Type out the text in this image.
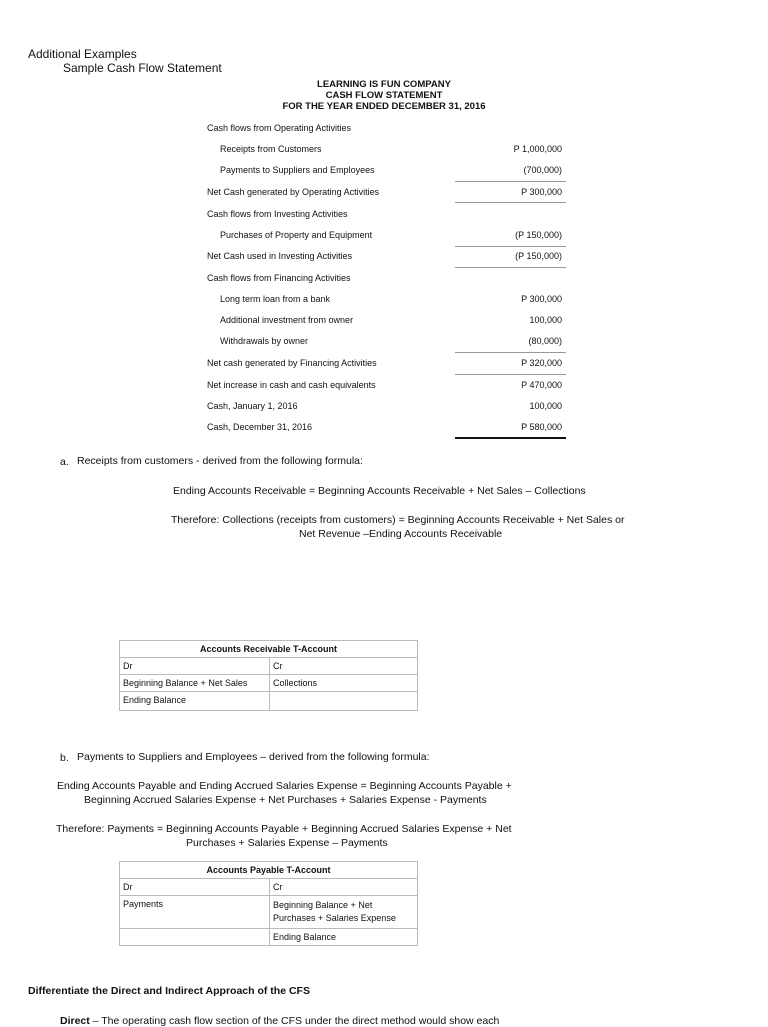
Additional Examples
Sample Cash Flow Statement
LEARNING IS FUN COMPANY
CASH FLOW STATEMENT
FOR THE YEAR ENDED DECEMBER 31, 2016
Cash flows from Operating Activities
Receipts from Customers	P 1,000,000
Payments to Suppliers and Employees	(700,000)
Net Cash generated by Operating Activities	P 300,000
Cash flows from Investing Activities
Purchases of Property and Equipment	(P 150,000)
Net Cash used in Investing Activities	(P 150,000)
Cash flows from Financing Activities
Long term loan from a bank	P 300,000
Additional investment from owner	100,000
Withdrawals by owner	(80,000)
Net cash generated by Financing Activities	P 320,000
Net increase in cash and cash equivalents	P 470,000
Cash, January 1, 2016	100,000
Cash, December 31, 2016	P 580,000
a. Receipts from customers - derived from the following formula:
Ending Accounts Receivable = Beginning Accounts Receivable + Net Sales – Collections
Therefore: Collections (receipts from customers) = Beginning Accounts Receivable + Net Sales or
Net Revenue –Ending Accounts Receivable
Accounts Receivable T-Account	
Dr	Cr
Beginning Balance + Net Sales	Collections
Ending Balance	
b. Payments to Suppliers and Employees – derived from the following formula:
Ending Accounts Payable and Ending Accrued Salaries Expense = Beginning Accounts Payable +
Beginning Accrued Salaries Expense + Net Purchases + Salaries Expense - Payments
Therefore: Payments = Beginning Accounts Payable + Beginning Accrued Salaries Expense + Net
Purchases + Salaries Expense – Payments
Accounts Payable T-Account	
Dr	Cr
Payments	Beginning Balance + Net Purchases + Salaries Expense
	Ending Balance
Differentiate the Direct and Indirect Approach of the CFS
Direct – The operating cash flow section of the CFS under the direct method would show each
